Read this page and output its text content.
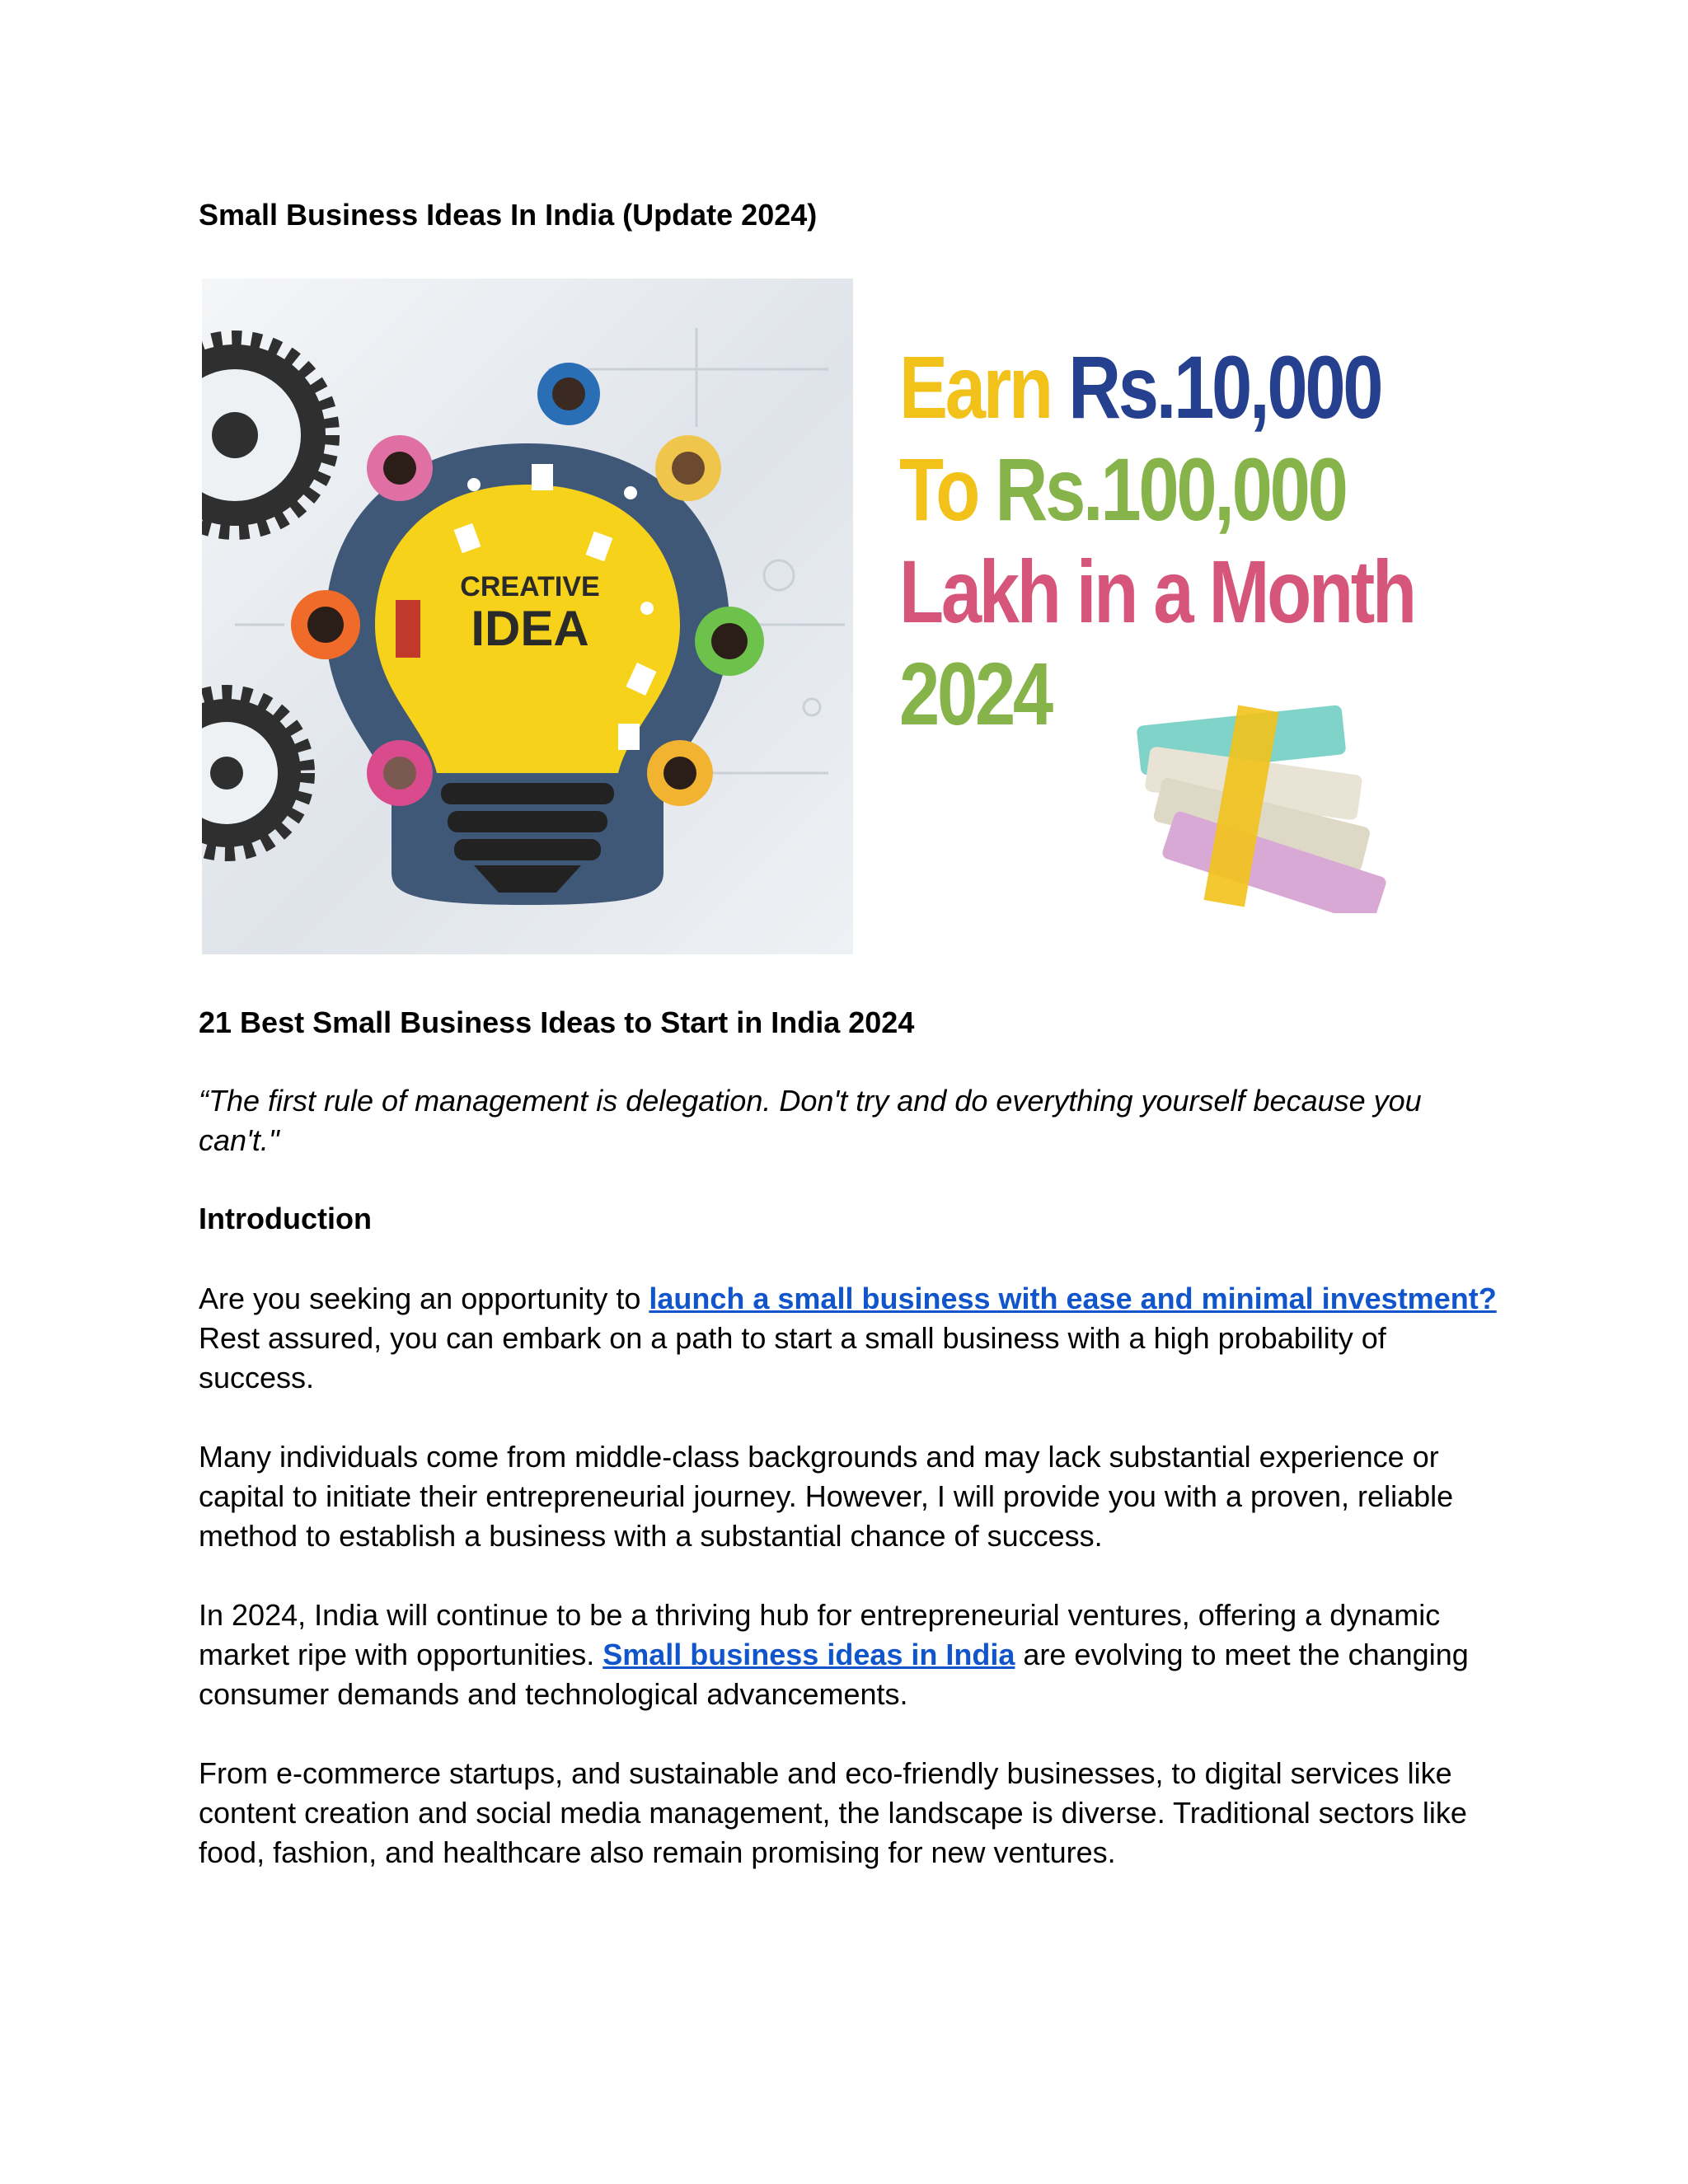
Small Business Ideas In India (Update 2024)
CREATIVE
IDEA
Earn Rs.10,000
To Rs.100,000
Lakh in a Month
2024
21 Best Small Business Ideas to Start in India 2024

“The first rule of management is delegation. Don't try and do everything yourself because you can't."

Introduction

Are you seeking an opportunity to launch a small business with ease and minimal investment? Rest assured, you can embark on a path to start a small business with a high probability of success.

Many individuals come from middle-class backgrounds and may lack substantial experience or capital to initiate their entrepreneurial journey. However, I will provide you with a proven, reliable method to establish a business with a substantial chance of success.

In 2024, India will continue to be a thriving hub for entrepreneurial ventures, offering a dynamic market ripe with opportunities. Small business ideas in India are evolving to meet the changing consumer demands and technological advancements.

From e-commerce startups, and sustainable and eco-friendly businesses, to digital services like content creation and social media management, the landscape is diverse. Traditional sectors like food, fashion, and healthcare also remain promising for new ventures.
